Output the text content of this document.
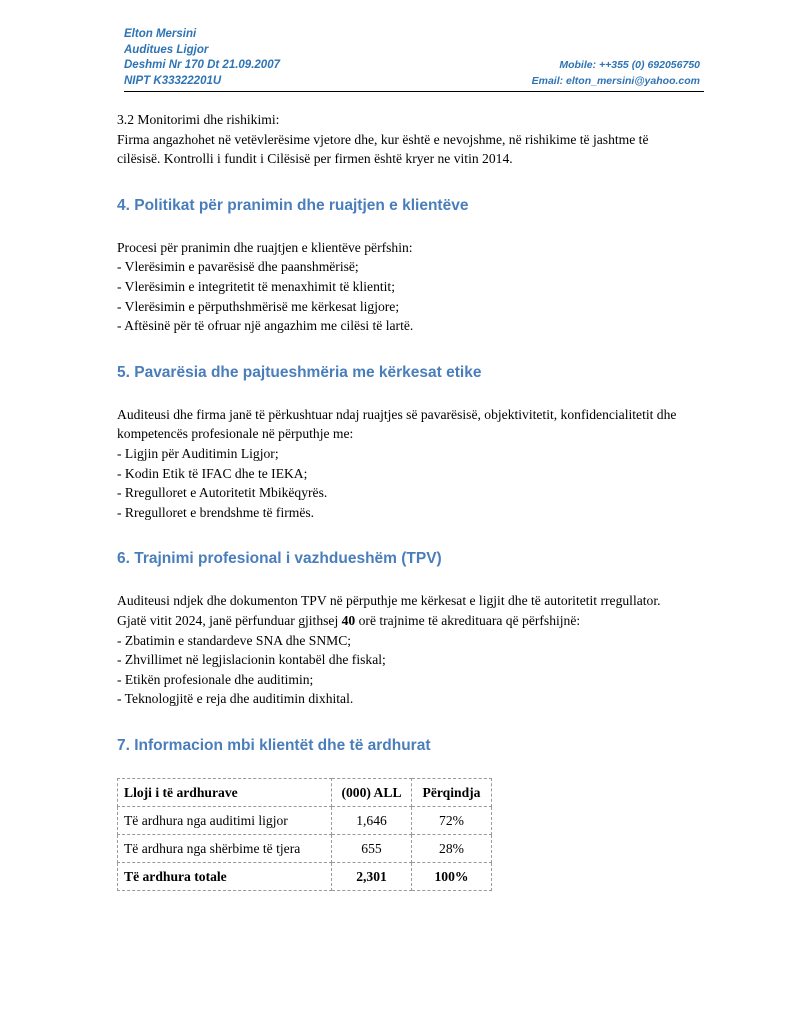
Elton Mersini
Auditues Ligjor
Deshmi Nr 170 Dt 21.09.2007
NIPT K33322201U
Mobile: ++355 (0) 692056750
Email: elton_mersini@yahoo.com

3.2 Monitorimi dhe rishikimi:

Firma angazhohet në vetëvlerësime vjetore dhe, kur është e nevojshme, në rishikime të jashtme të cilësisë. Kontrolli i fundit i Cilësisë per firmen është kryer ne vitin 2014.

4. Politikat për pranimin dhe ruajtjen e klientëve

Procesi për pranimin dhe ruajtjen e klientëve përfshin:

- Vlerësimin e pavarësisë dhe paanshmërisë;
- Vlerësimin e integritetit të menaxhimit të klientit;
- Vlerësimin e përputhshmërisë me kërkesat ligjore;
- Aftësinë për të ofruar një angazhim me cilësi të lartë.

5. Pavarësia dhe pajtueshmëria me kërkesat etike

Auditeusi dhe firma janë të përkushtuar ndaj ruajtjes së pavarësisë, objektivitetit, konfidencialitetit dhe kompetencës profesionale në përputhje me:

- Ligjin për Auditimin Ligjor;
- Kodin Etik të IFAC dhe te IEKA;
- Rregulloret e Autoritetit Mbikëqyrës.
- Rregulloret e brendshme të firmës.

6. Trajnimi profesional i vazhdueshëm (TPV)

Auditeusi ndjek dhe dokumenton TPV në përputhje me kërkesat e ligjit dhe të autoritetit rregullator. Gjatë vitit 2024, janë përfunduar gjithsej 40 orë trajnime të akredituara që përfshijnë:

- Zbatimin e standardeve SNA dhe SNMC;
- Zhvillimet në legjislacionin kontabël dhe fiskal;
- Etikën profesionale dhe auditimin;
- Teknologjitë e reja dhe auditimin dixhital.

7. Informacion mbi klientët dhe të ardhurat
Lloji i të ardhurave	(000) ALL	Përqindja
Të ardhura nga auditimi ligjor	1,646	72%
Të ardhura nga shërbime të tjera	655	28%
Të ardhura totale	2,301	100%
